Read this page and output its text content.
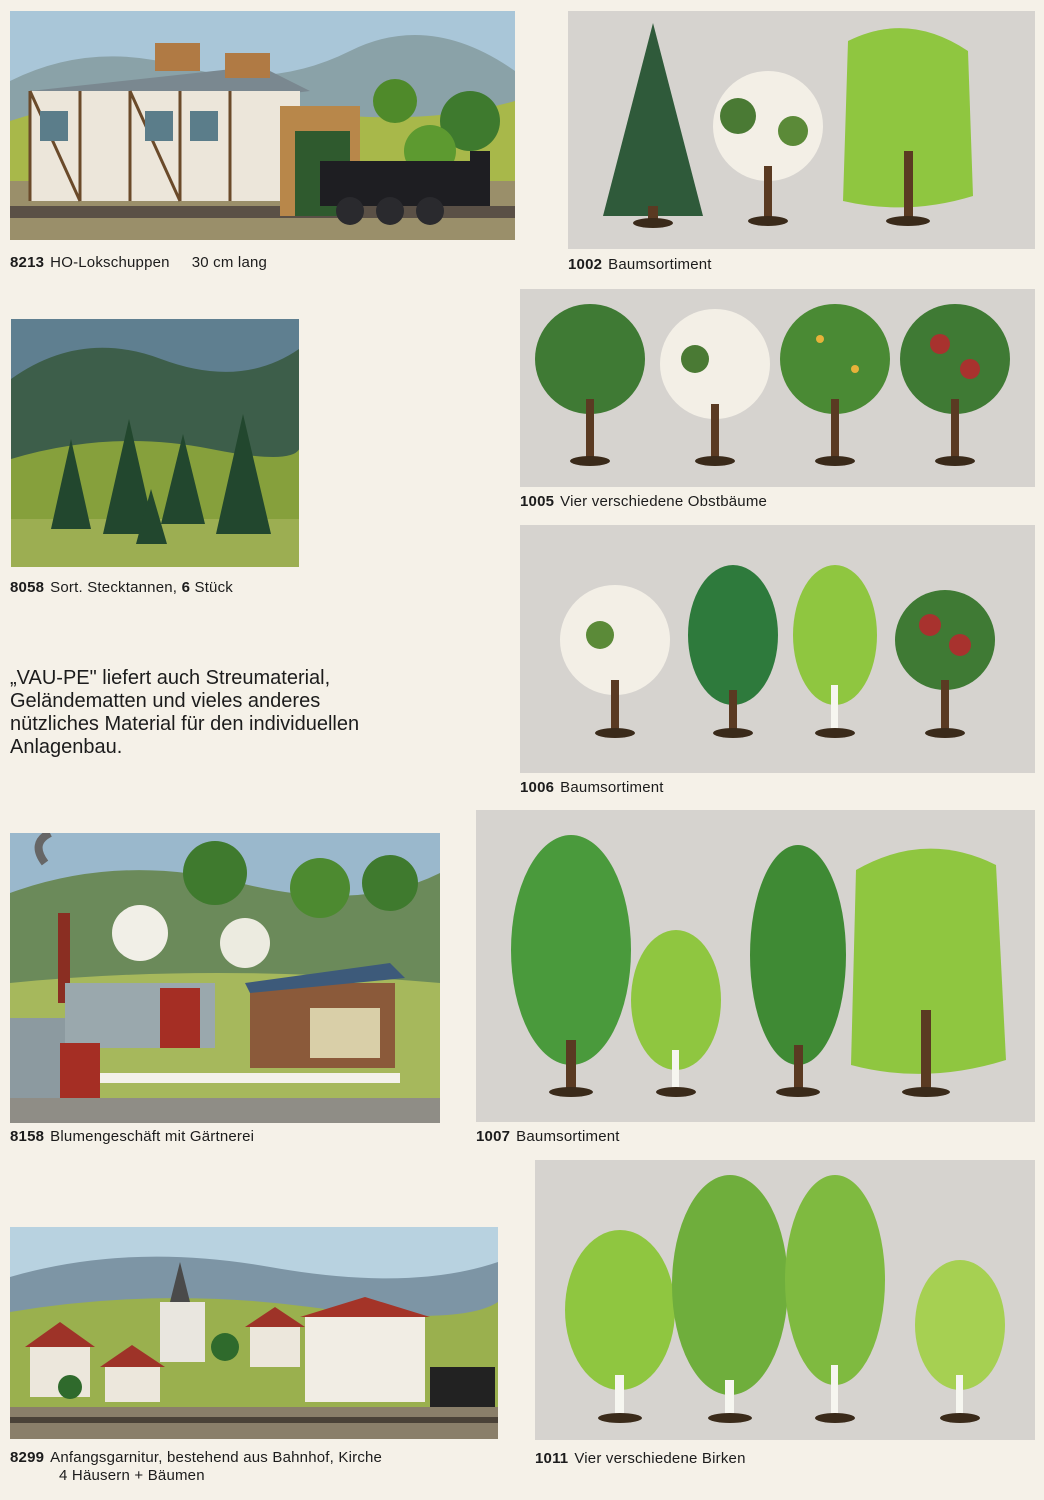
8213 HO-Lokschuppen 30 cm lang
8058 Sort. Stecktannen, 6 Stück
„VAU-PE" liefert auch Streumaterial,
Geländematten und vieles anderes
nützliches Material für den individuellen
Anlagenbau.
8158 Blumengeschäft mit Gärtnerei
8299 Anfangsgarnitur, bestehend aus Bahnhof, Kirche
4 Häusern + Bäumen
1002 Baumsortiment
1005 Vier verschiedene Obstbäume
1006 Baumsortiment
1007 Baumsortiment
1011 Vier verschiedene Birken
